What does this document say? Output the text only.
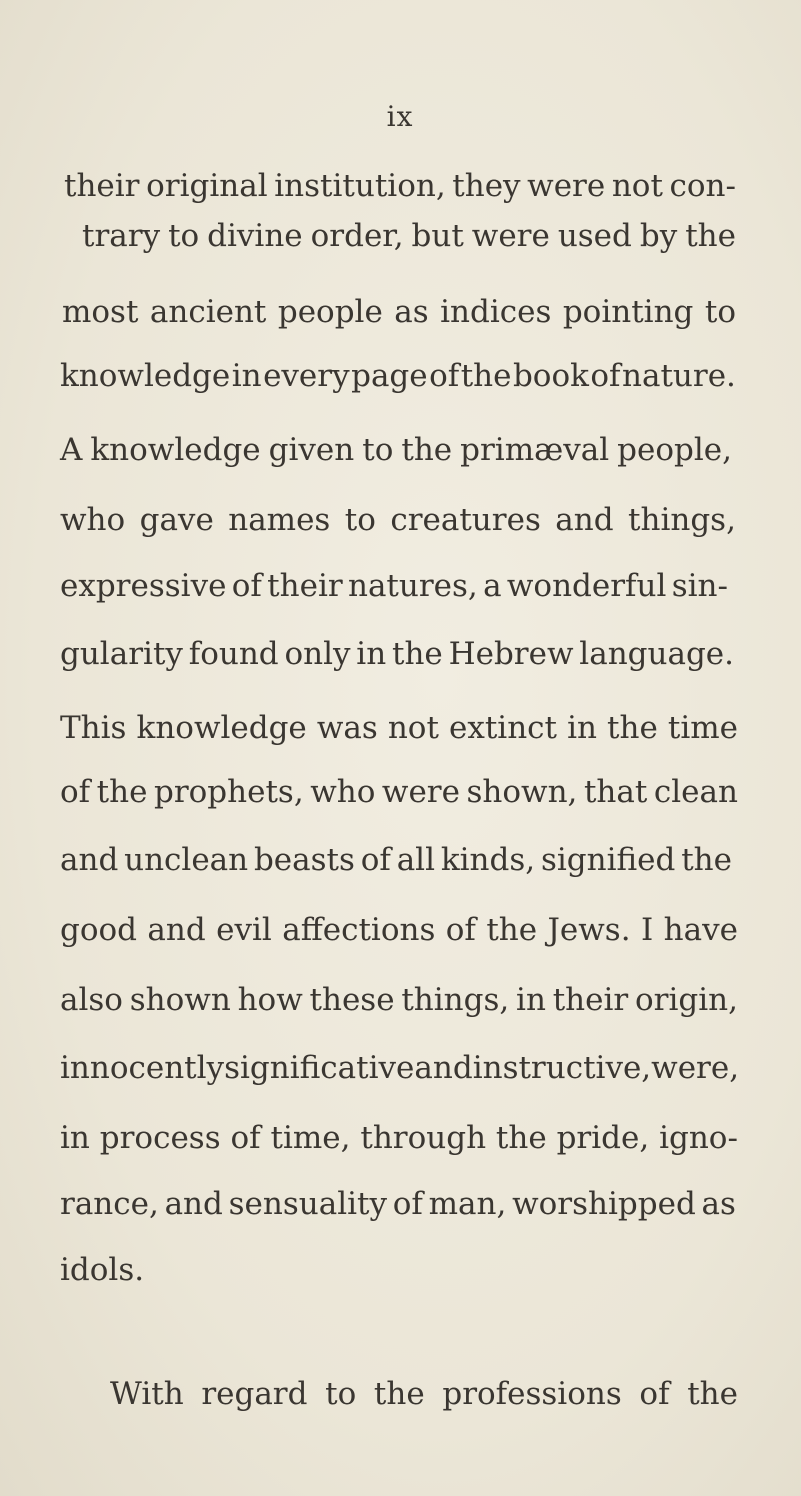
ix
their original institution, they were not con-
trary to divine order, but were used by the
most ancient people as indices pointing to
knowledge in every page of the book of nature.
A knowledge given to the primæval people,
who gave names to creatures and things,
expressive of their natures, a wonderful sin-
gularity found only in the Hebrew language.
This knowledge was not extinct in the time
of the prophets, who were shown, that clean
and unclean beasts of all kinds, signified the
good and evil affections of the Jews. I have
also shown how these things, in their origin,
innocently significative and instructive, were,
in process of time, through the pride, igno-
rance, and sensuality of man, worshipped as
idols.
With regard to the professions of the
